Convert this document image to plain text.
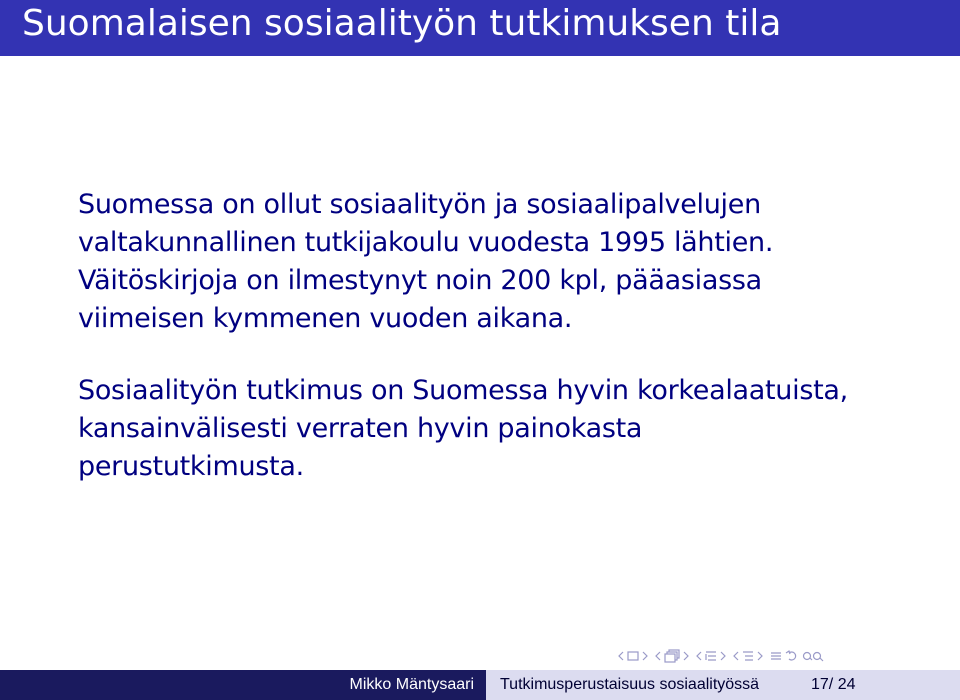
Suomalaisen sosiaalityön tutkimuksen tila

Suomessa on ollut sosiaalityön ja sosiaalipalvelujen
valtakunnallinen tutkijakoulu vuodesta 1995 lähtien.
Väitöskirjoja on ilmestynyt noin 200 kpl, pääasiassa
viimeisen kymmenen vuoden aikana.

Sosiaalityön tutkimus on Suomessa hyvin korkealaatuista,
kansainvälisesti verraten hyvin painokasta
perustutkimusta.

Mikko Mäntysaari	Tutkimusperustaisuus sosiaalityössä	17/ 24
